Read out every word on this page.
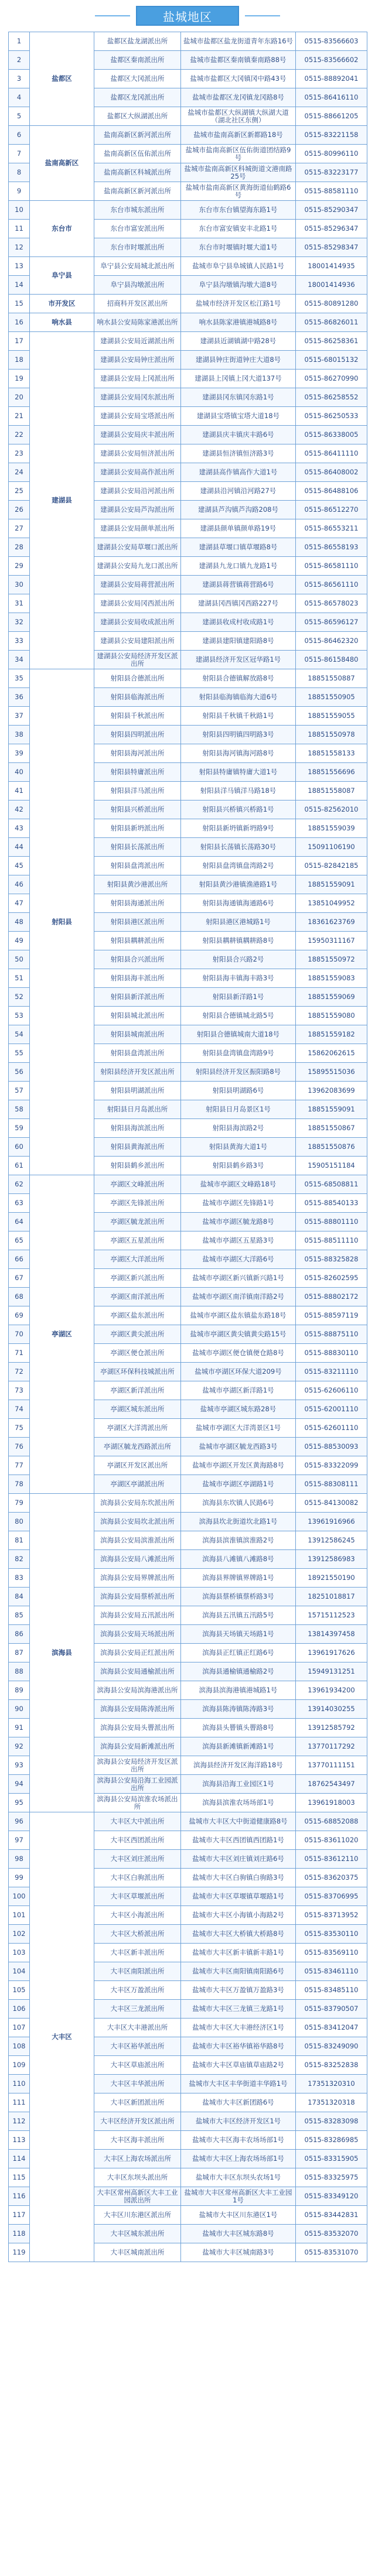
盐城地区
1	盐都区	盐都区盐龙湖派出所	盐城市盐都区盐龙街道青年东路16号	0515-83566603
2		盐都区秦南派出所	盐城市盐都区秦南镇秦南路88号	0515-83566602
3		盐都区大冈派出所	盐城市盐都区大冈镇冈中路43号	0515-88892041
4		盐都区龙冈派出所	盐城市盐都区龙冈镇龙冈路8号	0515-86416110
5		盐都区大纵湖派出所	盐城市盐都区大纵湖镇大纵湖大道（湖北社区东侧）	0515-88661205
6	盐南高新区	盐南高新区新河派出所	盐城市盐南高新区新都路18号	0515-83221158
7		盐南高新区伍佑派出所	盐城市盐南高新区伍佑街道团结路9号	0515-80996110
8		盐南高新区科城派出所	盐城市盐南高新区科城街道文港南路25号	0515-83223177
9		盐南高新区新河派出所	盐城市盐南高新区黄海街道仙鹤路6号	0515-88581110
10	东台市	东台市城东派出所	东台市东台镇望海东路1号	0515-85290347
11		东台市富安派出所	东台市富安镇安丰北路1号	0515-85296347
12		东台市时堰派出所	东台市时堰镇时堰大道1号	0515-85298347
13	阜宁县	阜宁县公安局城北派出所	盐城市阜宁县阜城镇人民路1号	18001414935
14		阜宁县沟墩派出所	阜宁县沟墩镇沟墩大道8号	18001414936
15	市开发区	招商科开发区派出所	盐城市经济开发区松江路1号	0515-80891280
16	响水县	响水县公安局陈家港派出所	响水县陈家港镇港城路8号	0515-86826011
17	建湖县	建湖县公安局近湖派出所	建湖县近湖镇湖中路28号	0515-86258361
18		建湖县公安局钟庄派出所	建湖县钟庄街道钟庄大道8号	0515-68015132
19		建湖县公安局上冈派出所	建湖县上冈镇上冈大道137号	0515-86270990
20		建湖县公安局冈东派出所	建湖县冈东镇冈东路1号	0515-86258552
21		建湖县公安局宝塔派出所	建湖县宝塔镇宝塔大道18号	0515-86250533
22		建湖县公安局庆丰派出所	建湖县庆丰镇庆丰路6号	0515-86338005
23		建湖县公安局恒济派出所	建湖县恒济镇恒济路3号	0515-86411110
24		建湖县公安局高作派出所	建湖县高作镇高作大道1号	0515-86408002
25		建湖县公安局沿河派出所	建湖县沿河镇沿河路27号	0515-86488106
26		建湖县公安局芦沟派出所	建湖县芦沟镇芦沟路208号	0515-86512270
27		建湖县公安局颜单派出所	建湖县颜单镇颜单路19号	0515-86553211
28		建湖县公安局草堰口派出所	建湖县草堰口镇草堰路8号	0515-86558193
29		建湖县公安局九龙口派出所	建湖县九龙口镇九龙路1号	0515-86581110
30		建湖县公安局蒋营派出所	建湖县蒋营镇蒋营路6号	0515-86561110
31		建湖县公安局冈西派出所	建湖县冈西镇冈西路227号	0515-86578023
32		建湖县公安局收成派出所	建湖县收成村收成路1号	0515-86596127
33		建湖县公安局建阳派出所	建湖县建阳镇建阳路8号	0515-86462320
34		建湖县公安局经济开发区派出所	建湖县经济开发区冠华路1号	0515-86158480
35	射阳县	射阳县合德派出所	射阳县合德镇解放路8号	18851550887
36		射阳县临海派出所	射阳县临海镇临海大道6号	18851550905
37		射阳县千秋派出所	射阳县千秋镇千秋路1号	18851559055
38		射阳县四明派出所	射阳县四明镇四明路3号	18851550978
39		射阳县海河派出所	射阳县海河镇海河路8号	18851558133
40		射阳县特庸派出所	射阳县特庸镇特庸大道1号	18851556696
41		射阳县洋马派出所	射阳县洋马镇洋马路18号	18851558087
42		射阳县兴桥派出所	射阳县兴桥镇兴桥路1号	0515-82562010
43		射阳县新坍派出所	射阳县新坍镇新坍路9号	18851559039
44		射阳县长荡派出所	射阳县长荡镇长荡路30号	15091106190
45		射阳县盘湾派出所	射阳县盘湾镇盘湾路2号	0515-82842185
46		射阳县黄沙港派出所	射阳县黄沙港镇渔港路1号	18851559091
47		射阳县海通派出所	射阳县海通镇海通路6号	13851049952
48		射阳县港区派出所	射阳县港区港城路1号	18361623769
49		射阳县耦耕派出所	射阳县耦耕镇耦耕路8号	15950311167
50		射阳县合兴派出所	射阳县合兴路2号	18851550972
51		射阳县海丰派出所	射阳县海丰镇海丰路3号	18851559083
52		射阳县新洋派出所	射阳县新洋路1号	18851559069
53		射阳县城北派出所	射阳县合德镇城北路5号	18851559080
54		射阳县城南派出所	射阳县合德镇城南大道18号	18851559182
55		射阳县盘湾派出所	射阳县盘湾镇盘湾路9号	15862062615
56		射阳县经济开发区派出所	射阳县经济开发区振阳路8号	15895515036
57		射阳县明湖派出所	射阳县明湖路6号	13962083699
58		射阳县日月岛派出所	射阳县日月岛景区1号	18851559091
59		射阳县海滨派出所	射阳县海滨路2号	18851550867
60		射阳县黄海派出所	射阳县黄海大道1号	18851550876
61		射阳县鹤乡派出所	射阳县鹤乡路3号	15905151184
62	亭湖区	亭湖区文峰派出所	盐城市亭湖区文峰路18号	0515-68508811
63		亭湖区先锋派出所	盐城市亭湖区先锋路1号	0515-88540133
64		亭湖区毓龙派出所	盐城市亭湖区毓龙路8号	0515-88801110
65		亭湖区五星派出所	盐城市亭湖区五星路3号	0515-88511110
66		亭湖区大洋派出所	盐城市亭湖区大洋路6号	0515-88325828
67		亭湖区新兴派出所	盐城市亭湖区新兴镇新兴路1号	0515-82602595
68		亭湖区南洋派出所	盐城市亭湖区南洋镇南洋路2号	0515-88802172
69		亭湖区盐东派出所	盐城市亭湖区盐东镇盐东路18号	0515-88597119
70		亭湖区黄尖派出所	盐城市亭湖区黄尖镇黄尖路15号	0515-88875110
71		亭湖区便仓派出所	盐城市亭湖区便仓镇便仓路8号	0515-88830110
72		亭湖区环保科技城派出所	盐城市亭湖区环保大道209号	0515-83211110
73		亭湖区新洋派出所	盐城市亭湖区新洋路1号	0515-62606110
74		亭湖区城东派出所	盐城市亭湖区城东路28号	0515-62001110
75		亭湖区大洋湾派出所	盐城市亭湖区大洋湾景区1号	0515-62601110
76		亭湖区毓龙西路派出所	盐城市亭湖区毓龙西路3号	0515-88530093
77		亭湖区开发区派出所	盐城市亭湖区开发区黄海路8号	0515-83322099
78		亭湖区亭湖派出所	盐城市亭湖区亭湖路1号	0515-88308111
79	滨海县	滨海县公安局东坎派出所	滨海县东坎镇人民路6号	0515-84130082
80		滨海县公安局坎北派出所	滨海县坎北街道坎北路1号	13961916966
81		滨海县公安局滨淮派出所	滨海县滨淮镇滨淮路2号	13912586245
82		滨海县公安局八滩派出所	滨海县八滩镇八滩路8号	13912586983
83		滨海县公安局界牌派出所	滨海县界牌镇界牌路1号	18921550190
84		滨海县公安局蔡桥派出所	滨海县蔡桥镇蔡桥路3号	18251018817
85		滨海县公安局五汛派出所	滨海县五汛镇五汛路5号	15715112523
86		滨海县公安局天场派出所	滨海县天场镇天场路1号	13814397458
87		滨海县公安局正红派出所	滨海县正红镇正红路6号	13961917626
88		滨海县公安局通榆派出所	滨海县通榆镇通榆路2号	15949131251
89		滨海县公安局滨海港派出所	滨海县滨海港镇港城路1号	13961934200
90		滨海县公安局陈涛派出所	滨海县陈涛镇陈涛路3号	13914030255
91		滨海县公安局头罾派出所	滨海县头罾镇头罾路8号	13912585792
92		滨海县公安局新滩派出所	滨海县新滩镇新滩路1号	13770117292
93		滨海县公安局经济开发区派出所	滨海县经济开发区海洋路18号	13770111151
94		滨海县公安局沿海工业园派出所	滨海县沿海工业园区1号	18762543497
95		滨海县公安局滨淮农场派出所	滨海县滨淮农场场部1号	13961918003
96	大丰区	大丰区大中派出所	盐城市大丰区大中街道健康路8号	0515-68852088
97		大丰区西团派出所	盐城市大丰区西团镇西团路1号	0515-83611020
98		大丰区刘庄派出所	盐城市大丰区刘庄镇刘庄路6号	0515-83612110
99		大丰区白驹派出所	盐城市大丰区白驹镇白驹路3号	0515-83620375
100		大丰区草堰派出所	盐城市大丰区草堰镇草堰路1号	0515-83706995
101		大丰区小海派出所	盐城市大丰区小海镇小海路2号	0515-83713952
102		大丰区大桥派出所	盐城市大丰区大桥镇大桥路8号	0515-83530110
103		大丰区新丰派出所	盐城市大丰区新丰镇新丰路1号	0515-83569110
104		大丰区南阳派出所	盐城市大丰区南阳镇南阳路6号	0515-83461110
105		大丰区万盈派出所	盐城市大丰区万盈镇万盈路3号	0515-83485110
106		大丰区三龙派出所	盐城市大丰区三龙镇三龙路1号	0515-83790507
107		大丰区大丰港派出所	盐城市大丰区大丰港经济区1号	0515-83412047
108		大丰区裕华派出所	盐城市大丰区裕华镇裕华路8号	0515-83249090
109		大丰区草庙派出所	盐城市大丰区草庙镇草庙路2号	0515-83252838
110		大丰区丰华派出所	盐城市大丰区丰华街道丰华路1号	17351320310
111		大丰区新团派出所	盐城市大丰区新团路6号	17351320318
112		大丰区经济开发区派出所	盐城市大丰区经济开发区1号	0515-83283098
113		大丰区海丰派出所	盐城市大丰区海丰农场场部1号	0515-83286985
114		大丰区上海农场派出所	盐城市大丰区上海农场场部1号	0515-83315905
115		大丰区东坝头派出所	盐城市大丰区东坝头农场1号	0515-83325975
116		大丰区常州高新区大丰工业园派出所	盐城市大丰区常州高新区大丰工业园1号	0515-83349120
117		大丰区川东港区派出所	盐城市大丰区川东港区1号	0515-83442831
118		大丰区城东派出所	盐城市大丰区城东路8号	0515-83532070
119		大丰区城南派出所	盐城市大丰区城南路3号	0515-83531070
